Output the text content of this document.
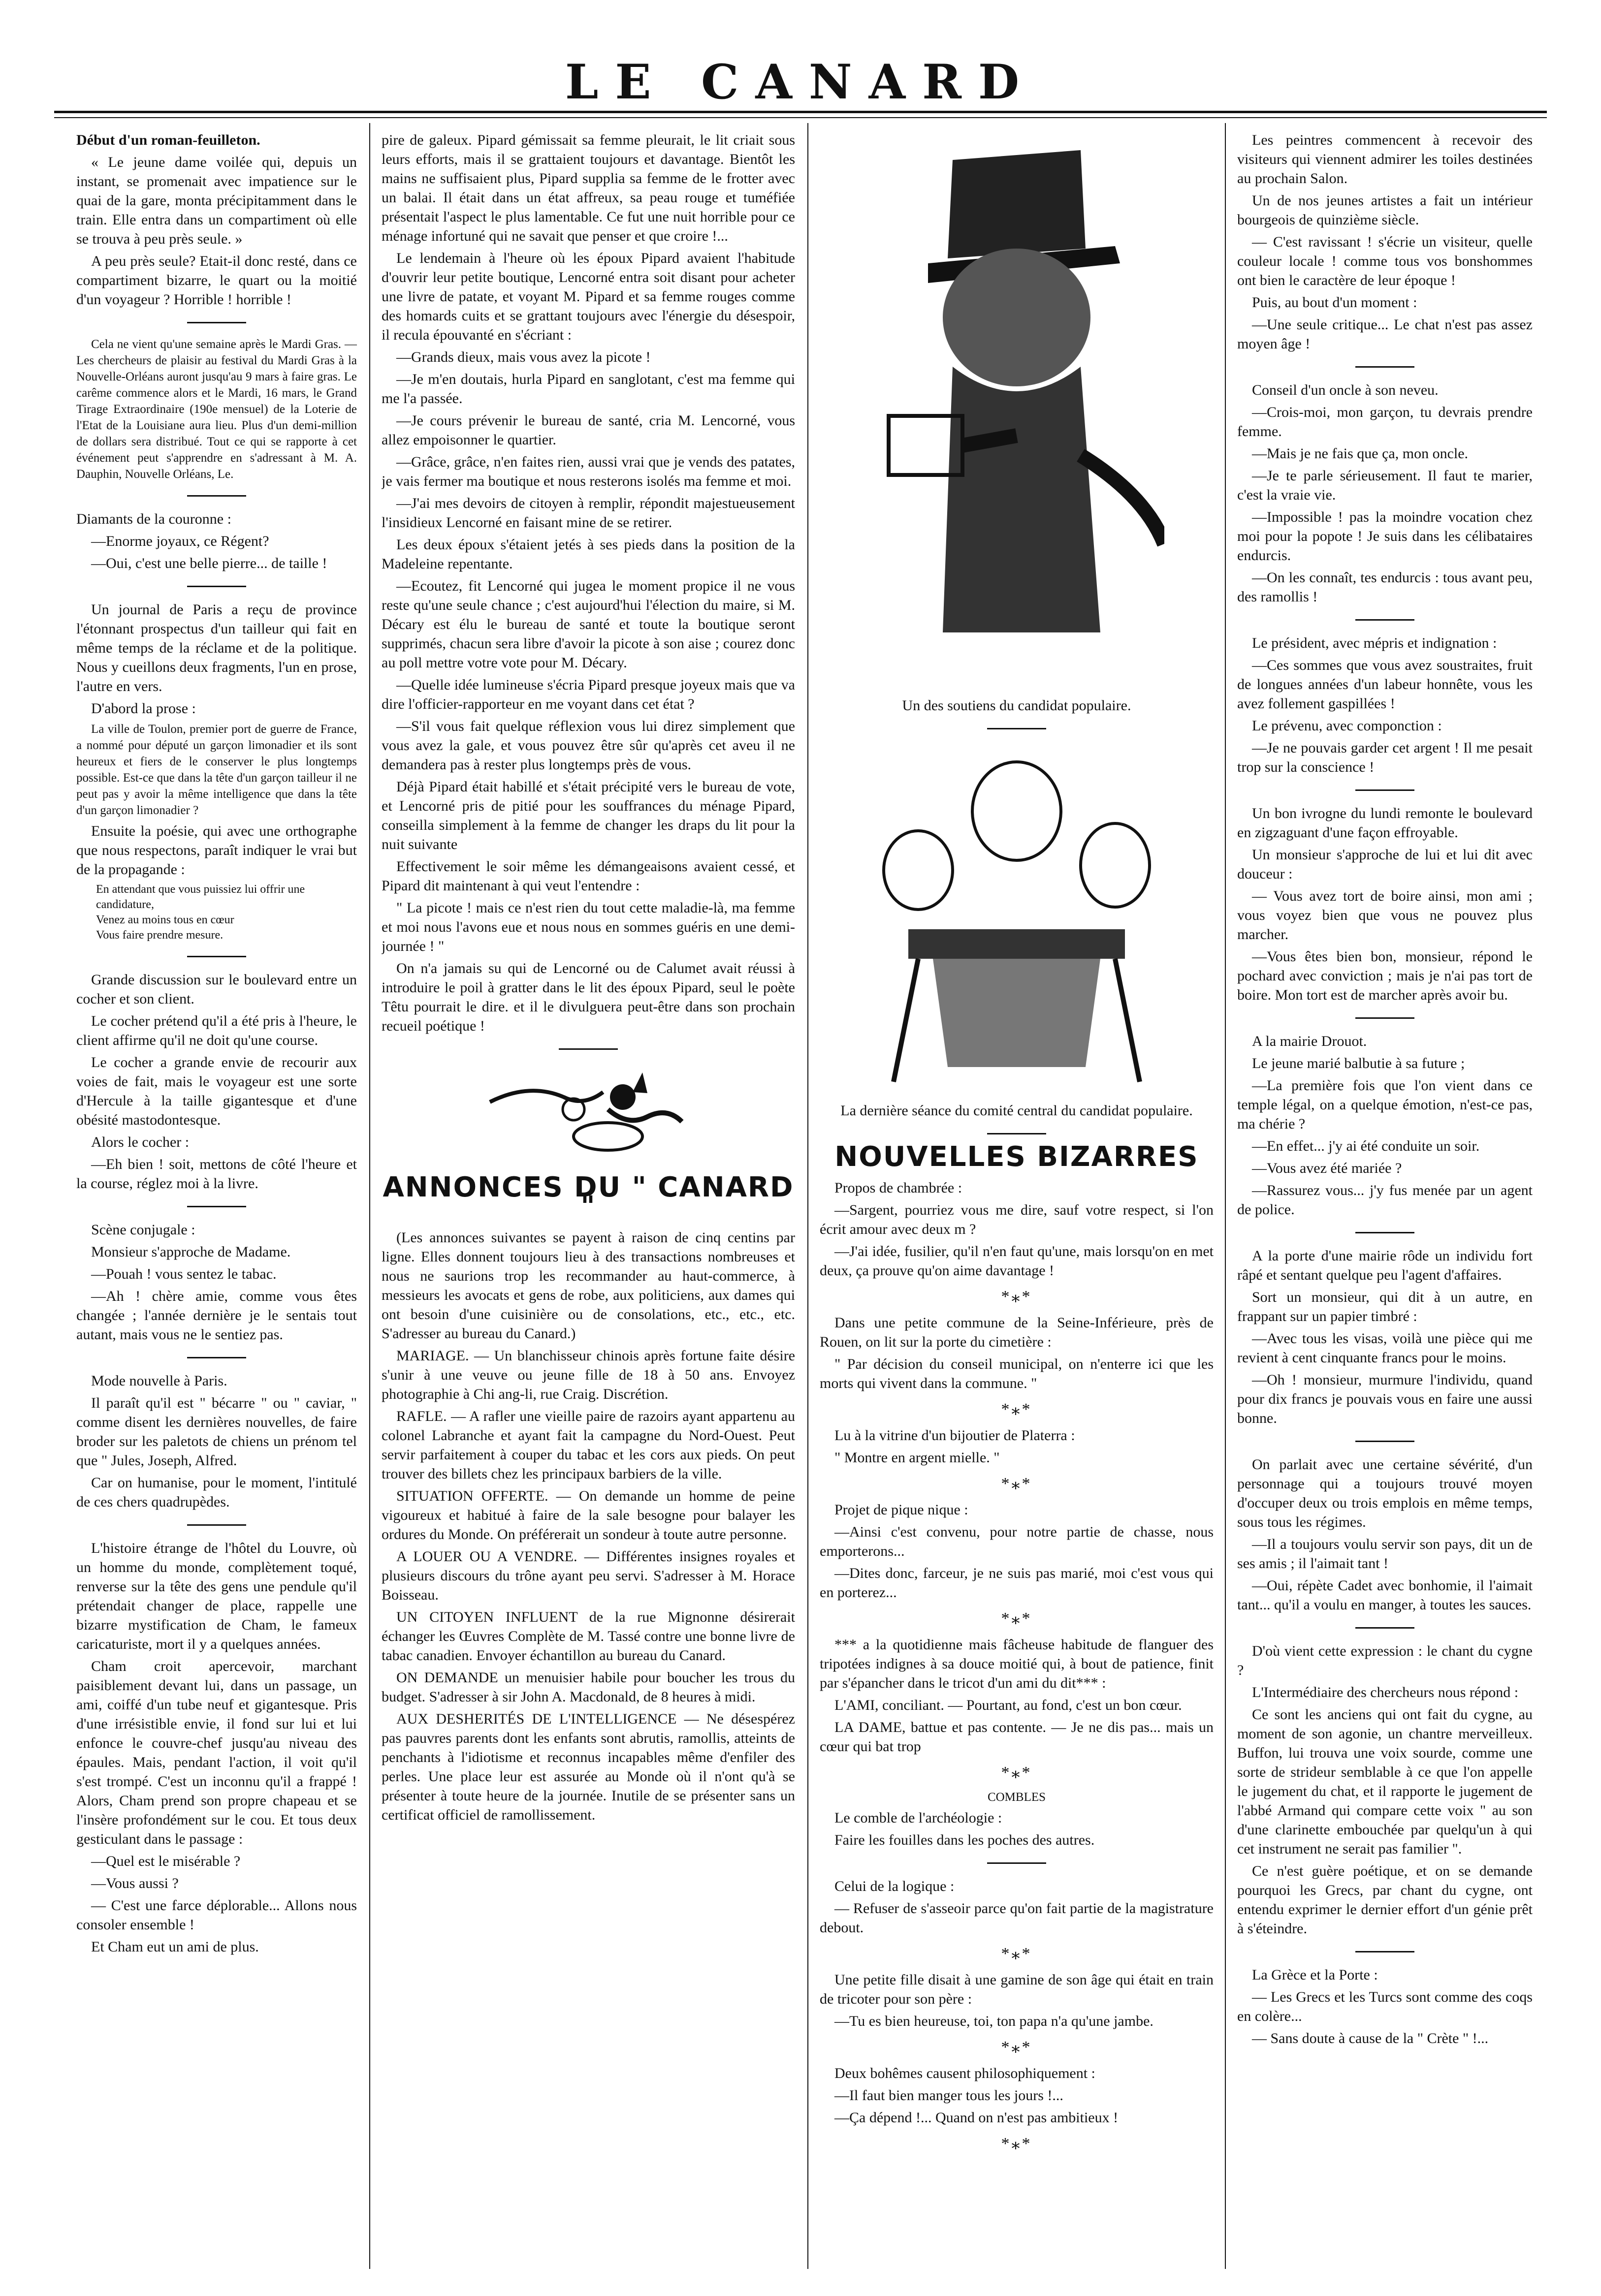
LE CANARD

Début d'un roman-feuilleton.

« Le jeune dame voilée qui, depuis un instant, se promenait avec impatience sur le quai de la gare, monta précipitamment dans le train. Elle entra dans un compartiment où elle se trouva à peu près seule. »

A peu près seule? Etait-il donc resté, dans ce compartiment bizarre, le quart ou la moitié d'un voyageur ? Horrible ! horrible !

Cela ne vient qu'une semaine après le Mardi Gras. — Les chercheurs de plaisir au festival du Mardi Gras à la Nouvelle-Orléans auront jusqu'au 9 mars à faire gras. Le carême commence alors et le Mardi, 16 mars, le Grand Tirage Extraordinaire (190e mensuel) de la Loterie de l'Etat de la Louisiane aura lieu. Plus d'un demi-million de dollars sera distribué. Tout ce qui se rapporte à cet événement peut s'apprendre en s'adressant à M. A. Dauphin, Nouvelle Orléans, Le.

Diamants de la couronne :

—Enorme joyaux, ce Régent?

—Oui, c'est une belle pierre... de taille !

Un journal de Paris a reçu de province l'étonnant prospectus d'un tailleur qui fait en même temps de la réclame et de la politique. Nous y cueillons deux fragments, l'un en prose, l'autre en vers.

D'abord la prose :

La ville de Toulon, premier port de guerre de France, a nommé pour député un garçon limonadier et ils sont heureux et fiers de le conserver le plus longtemps possible. Est-ce que dans la tête d'un garçon tailleur il ne peut pas y avoir la même intelligence que dans la tête d'un garçon limonadier ?

Ensuite la poésie, qui avec une orthographe que nous respectons, paraît indiquer le vrai but de la propagande :

En attendant que vous puissiez lui offrir une candidature,
Venez au moins tous en cœur
Vous faire prendre mesure.

Grande discussion sur le boulevard entre un cocher et son client.

Le cocher prétend qu'il a été pris à l'heure, le client affirme qu'il ne doit qu'une course.

Le cocher a grande envie de recourir aux voies de fait, mais le voyageur est une sorte d'Hercule à la taille gigantesque et d'une obésité mastodontesque.

Alors le cocher :

—Eh bien ! soit, mettons de côté l'heure et la course, réglez moi à la livre.

Scène conjugale :

Monsieur s'approche de Madame.

—Pouah ! vous sentez le tabac.

—Ah ! chère amie, comme vous êtes changée ; l'année dernière je le sentais tout autant, mais vous ne le sentiez pas.

Mode nouvelle à Paris.

Il paraît qu'il est " bécarre " ou " caviar, " comme disent les dernières nouvelles, de faire broder sur les paletots de chiens un prénom tel que " Jules, Joseph, Alfred.

Car on humanise, pour le moment, l'intitulé de ces chers quadrupèdes.

L'histoire étrange de l'hôtel du Louvre, où un homme du monde, complètement toqué, renverse sur la tête des gens une pendule qu'il prétendait changer de place, rappelle une bizarre mystification de Cham, le fameux caricaturiste, mort il y a quelques années.

Cham croit apercevoir, marchant paisiblement devant lui, dans un passage, un ami, coiffé d'un tube neuf et gigantesque. Pris d'une irrésistible envie, il fond sur lui et lui enfonce le couvre-chef jusqu'au niveau des épaules. Mais, pendant l'action, il voit qu'il s'est trompé. C'est un inconnu qu'il a frappé ! Alors, Cham prend son propre chapeau et se l'insère profondément sur le cou. Et tous deux gesticulant dans le passage :

—Quel est le misérable ?

—Vous aussi ?

— C'est une farce déplorable... Allons nous consoler ensemble !

Et Cham eut un ami de plus.

pire de galeux. Pipard gémissait sa femme pleurait, le lit criait sous leurs efforts, mais il se grattaient toujours et davantage. Bientôt les mains ne suffisaient plus, Pipard supplia sa femme de le frotter avec un balai. Il était dans un état affreux, sa peau rouge et tuméfiée présentait l'aspect le plus lamentable. Ce fut une nuit horrible pour ce ménage infortuné qui ne savait que penser et que croire !...

Le lendemain à l'heure où les époux Pipard avaient l'habitude d'ouvrir leur petite boutique, Lencorné entra soit disant pour acheter une livre de patate, et voyant M. Pipard et sa femme rouges comme des homards cuits et se grattant toujours avec l'énergie du désespoir, il recula épouvanté en s'écriant :

—Grands dieux, mais vous avez la picote !

—Je m'en doutais, hurla Pipard en sanglotant, c'est ma femme qui me l'a passée.

—Je cours prévenir le bureau de santé, cria M. Lencorné, vous allez empoisonner le quartier.

—Grâce, grâce, n'en faites rien, aussi vrai que je vends des patates, je vais fermer ma boutique et nous resterons isolés ma femme et moi.

—J'ai mes devoirs de citoyen à remplir, répondit majestueusement l'insidieux Lencorné en faisant mine de se retirer.

Les deux époux s'étaient jetés à ses pieds dans la position de la Madeleine repentante.

—Ecoutez, fit Lencorné qui jugea le moment propice il ne vous reste qu'une seule chance ; c'est aujourd'hui l'élection du maire, si M. Décary est élu le bureau de santé et toute la boutique seront supprimés, chacun sera libre d'avoir la picote à son aise ; courez donc au poll mettre votre vote pour M. Décary.

—Quelle idée lumineuse s'écria Pipard presque joyeux mais que va dire l'officier-rapporteur en me voyant dans cet état ?

—S'il vous fait quelque réflexion vous lui direz simplement que vous avez la gale, et vous pouvez être sûr qu'après cet aveu il ne demandera pas à rester plus longtemps près de vous.

Déjà Pipard était habillé et s'était précipité vers le bureau de vote, et Lencorné pris de pitié pour les souffrances du ménage Pipard, conseilla simplement à la femme de changer les draps du lit pour la nuit suivante

Effectivement le soir même les démangeaisons avaient cessé, et Pipard dit maintenant à qui veut l'entendre :

" La picote ! mais ce n'est rien du tout cette maladie-là, ma femme et moi nous l'avons eue et nous nous en sommes guéris en une demi-journée ! "

On n'a jamais su qui de Lencorné ou de Calumet avait réussi à introduire le poil à gratter dans le lit des époux Pipard, seul le poète Têtu pourrait le dire. et il le divulguera peut-être dans son prochain recueil poétique !

ANNONCES DU " CANARD "

(Les annonces suivantes se payent à raison de cinq centins par ligne. Elles donnent toujours lieu à des transactions nombreuses et nous ne saurions trop les recommander au haut-commerce, à messieurs les avocats et gens de robe, aux politiciens, aux dames qui ont besoin d'une cuisinière ou de consolations, etc., etc., etc. S'adresser au bureau du Canard.)

MARIAGE. — Un blanchisseur chinois après fortune faite désire s'unir à une veuve ou jeune fille de 18 à 50 ans. Envoyez photographie à Chi ang-li, rue Craig. Discrétion.

RAFLE. — A rafler une vieille paire de razoirs ayant appartenu au colonel Labranche et ayant fait la campagne du Nord-Ouest. Peut servir parfaitement à couper du tabac et les cors aux pieds. On peut trouver des billets chez les principaux barbiers de la ville.

SITUATION OFFERTE. — On demande un homme de peine vigoureux et habitué à faire de la sale besogne pour balayer les ordures du Monde. On préférerait un sondeur à toute autre personne.

A LOUER OU A VENDRE. — Différentes insignes royales et plusieurs discours du trône ayant peu servi. S'adresser à M. Horace Boisseau.

UN CITOYEN INFLUENT de la rue Mignonne désirerait échanger les Œuvres Complète de M. Tassé contre une bonne livre de tabac canadien. Envoyer échantillon au bureau du Canard.

ON DEMANDE un menuisier habile pour boucher les trous du budget. S'adresser à sir John A. Macdonald, de 8 heures à midi.

AUX DESHERITÉS DE L'INTELLIGENCE — Ne désespérez pas pauvres parents dont les enfants sont abrutis, ramollis, atteints de penchants à l'idiotisme et reconnus incapables même d'enfiler des perles. Une place leur est assurée au Monde où il n'ont qu'à se présenter à toute heure de la journée. Inutile de se présenter sans un certificat officiel de ramollissement.

Un des soutiens du candidat populaire.
La dernière séance du comité central du candidat populaire.
NOUVELLES BIZARRES

Propos de chambrée :

—Sargent, pourriez vous me dire, sauf votre respect, si l'on écrit amour avec deux m ?

—J'ai idée, fusilier, qu'il n'en faut qu'une, mais lorsqu'on en met deux, ça prouve qu'on aime davantage !

*⁎*

Dans une petite commune de la Seine-Inférieure, près de Rouen, on lit sur la porte du cimetière :

" Par décision du conseil municipal, on n'enterre ici que les morts qui vivent dans la commune. "

*⁎*

Lu à la vitrine d'un bijoutier de Platerra :

" Montre en argent mielle. "

*⁎*

Projet de pique nique :

—Ainsi c'est convenu, pour notre partie de chasse, nous emporterons...

—Dites donc, farceur, je ne suis pas marié, moi c'est vous qui en porterez...

*⁎*

*** a la quotidienne mais fâcheuse habitude de flanguer des tripotées indignes à sa douce moitié qui, à bout de patience, finit par s'épancher dans le tricot d'un ami du dit*** :

L'AMI, conciliant. — Pourtant, au fond, c'est un bon cœur.

LA DAME, battue et pas contente. — Je ne dis pas... mais un cœur qui bat trop

*⁎*

COMBLES

Le comble de l'archéologie :

Faire les fouilles dans les poches des autres.

Celui de la logique :

— Refuser de s'asseoir parce qu'on fait partie de la magistrature debout.

*⁎*

Une petite fille disait à une gamine de son âge qui était en train de tricoter pour son père :

—Tu es bien heureuse, toi, ton papa n'a qu'une jambe.

*⁎*

Deux bohêmes causent philosophiquement :

—Il faut bien manger tous les jours !...

—Ça dépend !... Quand on n'est pas ambitieux !

*⁎*

Les peintres commencent à recevoir des visiteurs qui viennent admirer les toiles destinées au prochain Salon.

Un de nos jeunes artistes a fait un intérieur bourgeois de quinzième siècle.

— C'est ravissant ! s'écrie un visiteur, quelle couleur locale ! comme tous vos bonshommes ont bien le caractère de leur époque !

Puis, au bout d'un moment :

—Une seule critique... Le chat n'est pas assez moyen âge !

Conseil d'un oncle à son neveu.

—Crois-moi, mon garçon, tu devrais prendre femme.

—Mais je ne fais que ça, mon oncle.

—Je te parle sérieusement. Il faut te marier, c'est la vraie vie.

—Impossible ! pas la moindre vocation chez moi pour la popote ! Je suis dans les célibataires endurcis.

—On les connaît, tes endurcis : tous avant peu, des ramollis !

Le président, avec mépris et indignation :

—Ces sommes que vous avez soustraites, fruit de longues années d'un labeur honnête, vous les avez follement gaspillées !

Le prévenu, avec componction :

—Je ne pouvais garder cet argent ! Il me pesait trop sur la conscience !

Un bon ivrogne du lundi remonte le boulevard en zigzaguant d'une façon effroyable.

Un monsieur s'approche de lui et lui dit avec douceur :

— Vous avez tort de boire ainsi, mon ami ; vous voyez bien que vous ne pouvez plus marcher.

—Vous êtes bien bon, monsieur, répond le pochard avec conviction ; mais je n'ai pas tort de boire. Mon tort est de marcher après avoir bu.

A la mairie Drouot.

Le jeune marié balbutie à sa future ;

—La première fois que l'on vient dans ce temple légal, on a quelque émotion, n'est-ce pas, ma chérie ?

—En effet... j'y ai été conduite un soir.

—Vous avez été mariée ?

—Rassurez vous... j'y fus menée par un agent de police.

A la porte d'une mairie rôde un individu fort râpé et sentant quelque peu l'agent d'affaires.

Sort un monsieur, qui dit à un autre, en frappant sur un papier timbré :

—Avec tous les visas, voilà une pièce qui me revient à cent cinquante francs pour le moins.

—Oh ! monsieur, murmure l'individu, quand pour dix francs je pouvais vous en faire une aussi bonne.

On parlait avec une certaine sévérité, d'un personnage qui a toujours trouvé moyen d'occuper deux ou trois emplois en même temps, sous tous les régimes.

—Il a toujours voulu servir son pays, dit un de ses amis ; il l'aimait tant !

—Oui, répète Cadet avec bonhomie, il l'aimait tant... qu'il a voulu en manger, à toutes les sauces.

D'où vient cette expression : le chant du cygne ?

L'Intermédiaire des chercheurs nous répond :

Ce sont les anciens qui ont fait du cygne, au moment de son agonie, un chantre merveilleux. Buffon, lui trouva une voix sourde, comme une sorte de strideur semblable à ce que l'on appelle le jugement du chat, et il rapporte le jugement de l'abbé Armand qui compare cette voix " au son d'une clarinette embouchée par quelqu'un à qui cet instrument ne serait pas familier ".

Ce n'est guère poétique, et on se demande pourquoi les Grecs, par chant du cygne, ont entendu exprimer le dernier effort d'un génie prêt à s'éteindre.

La Grèce et la Porte :

— Les Grecs et les Turcs sont comme des coqs en colère...

— Sans doute à cause de la " Crète " !...
